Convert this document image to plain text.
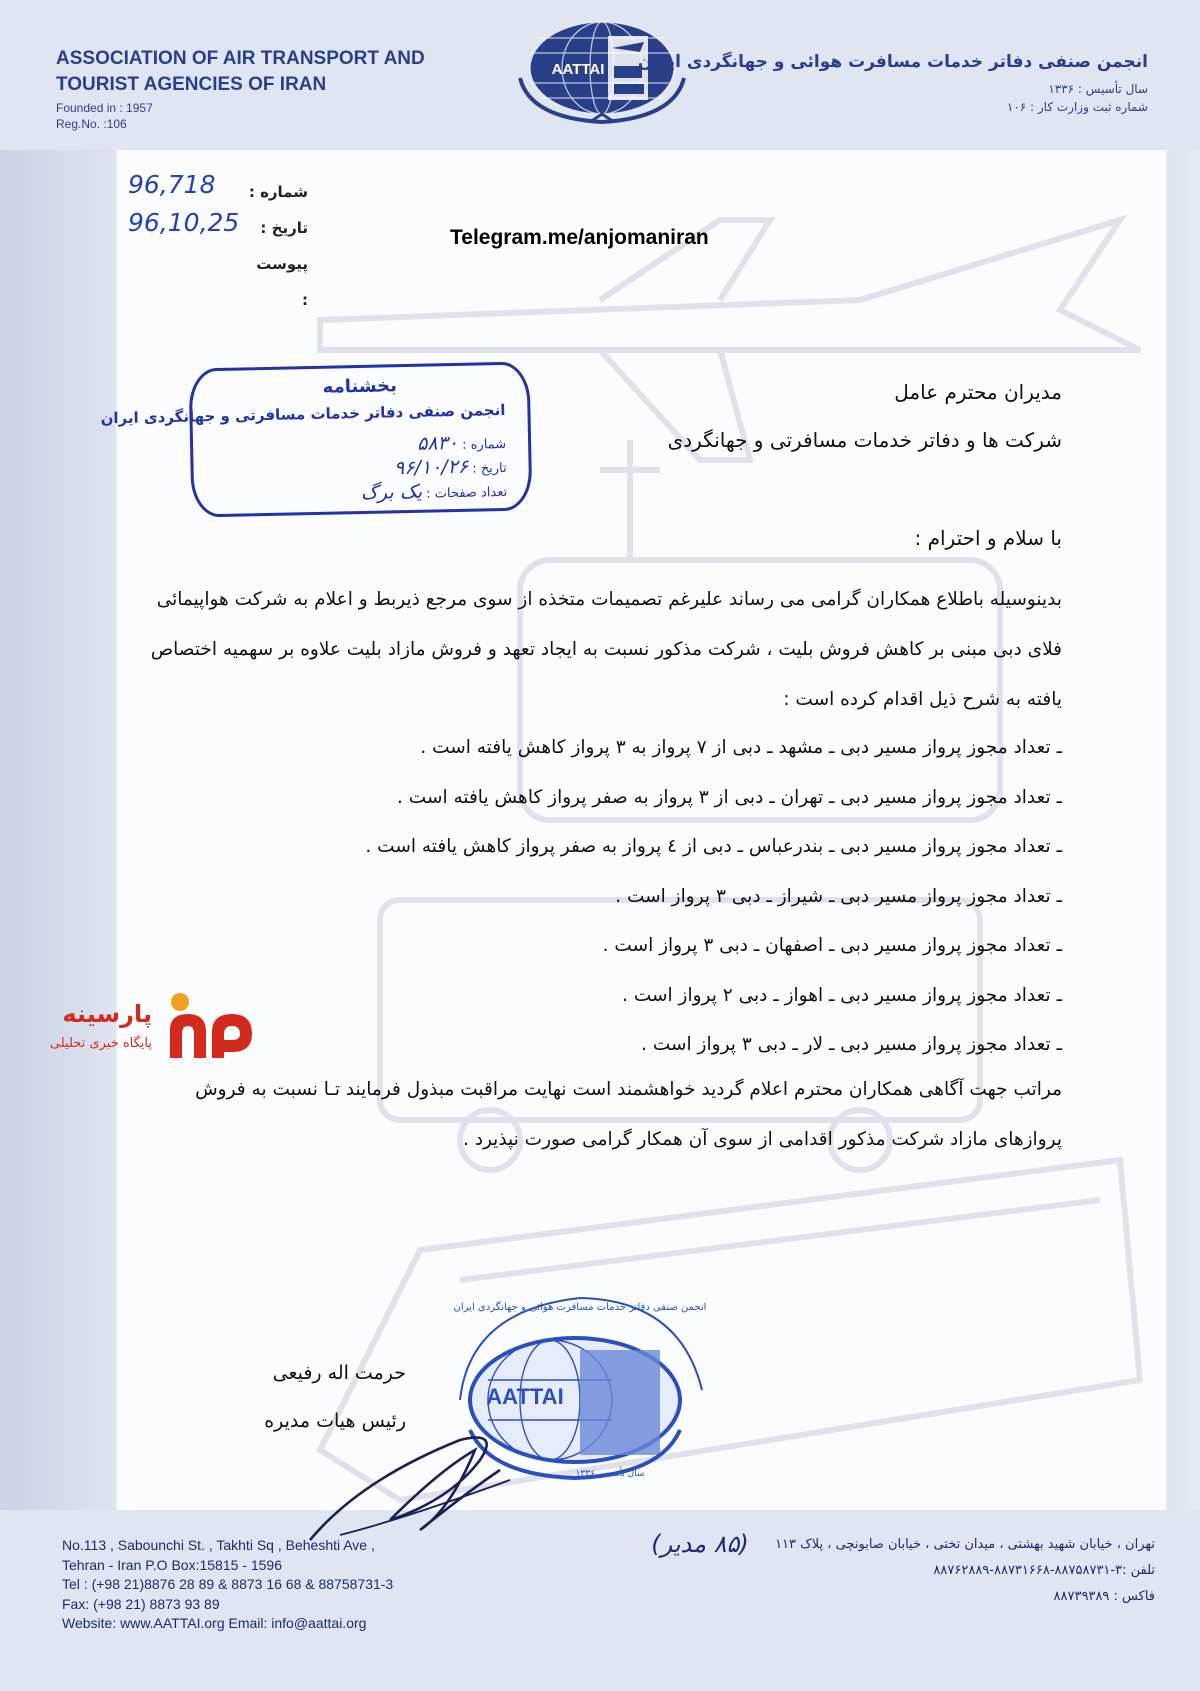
ASSOCIATION OF AIR TRANSPORT AND TOURIST AGENCIES OF IRAN
Founded in : 1957
Reg.No. :106
AATTAI	انجمن صنفی دفاتر خدمات مسافرت هوائی و جهانگردی ایران
سال تأسیس : ۱۳۳۶
شماره ثبت وزارت کار : ۱۰۶
شماره :
تاریخ :
پیوست :
96,718
96,10,25
Telegram.me/anjomaniran
بخشنامه
انجمن صنفی دفاتر خدمات مسافرتی و جهانگردی ایران
شماره : ۵۸۳۰
تاریخ : ۹۶/۱۰/۲۶
تعداد صفحات : یک برگ
مدیران محترم عامل
شرکت ها و دفاتر خدمات مسافرتی و جهانگردی
با سلام و احترام :

بدینوسیله باطلاع همکاران گرامی می رساند علیرغم تصمیمات متخذه از سوی مرجع ذیربط و اعلام به شرکت هواپیمائی فلای دبی مبنی بر کاهش فروش بلیت ، شرکت مذکور نسبت به ایجاد تعهد و فروش مازاد بلیت علاوه بر سهمیه اختصاص یافته به شرح ذیل اقدام کرده است :

ـ تعداد مجوز پرواز مسیر دبی ـ مشهد ـ دبی از ۷ پرواز به ۳ پرواز کاهش یافته است .
ـ تعداد مجوز پرواز مسیر دبی ـ تهران ـ دبی از ۳ پرواز به صفر پرواز کاهش یافته است .
ـ تعداد مجوز پرواز مسیر دبی ـ بندرعباس ـ دبی از ٤ پرواز به صفر پرواز کاهش یافته است .
ـ تعداد مجوز پرواز مسیر دبی ـ شیراز ـ دبی ۳ پرواز است .
ـ تعداد مجوز پرواز مسیر دبی ـ اصفهان ـ دبی ۳ پرواز است .
ـ تعداد مجوز پرواز مسیر دبی ـ اهواز ـ دبی ۲ پرواز است .
ـ تعداد مجوز پرواز مسیر دبی ـ لار ـ دبی ۳ پرواز است .

مراتب جهت آگاهی همکاران محترم اعلام گردید خواهشمند است نهایت مراقبت مبذول فرمایند تـا نسبت به فروش پروازهای مازاد شرکت مذکور اقدامی از سوی آن همکار گرامی صورت نپذیرد .

پارسینه
پایگاه خبری تحلیلی
حرمت اله رفیعی
رئیس هیات مدیره
AATTAI
انجمن صنفی دفاتر خدمات مسافرت هوائی و جهانگردی ایران
سال تأسیس ۱۳۳۶
No.113 , Sabounchi St. , Takhti Sq , Beheshti Ave ,
Tehran - Iran P.O Box:15815 - 1596
Tel : (+98 21)8876 28 89 & 8873 16 68 & 88758731-3
Fax: (+98 21) 8873 93 89
Website: www.AATTAI.org Email: info@aattai.org
(۸۵ مدیر)	تهران ، خیابان شهید بهشتی ، میدان تختی ، خیابان صابونچی ، پلاک ۱۱۳
تلفن :۳-۸۸۷۵۸۷۳۱-۸۸۷۳۱۶۶۸-۸۸۷۶۲۸۸۹
فاکس : ۸۸۷۳۹۳۸۹
